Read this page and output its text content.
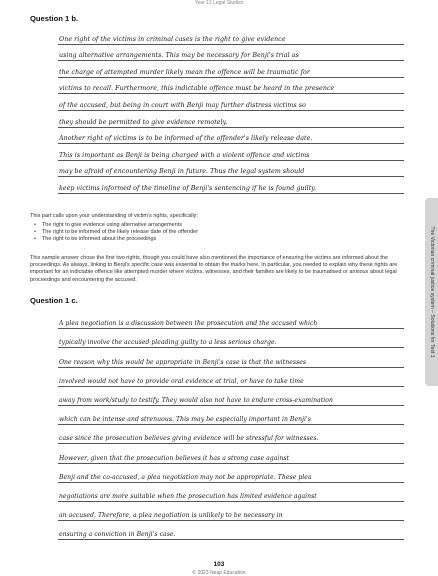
Year 12 Legal Studies
Question 1 b.
One right of the victims in criminal cases is the right to give evidence
using alternative arrangements. This may be necessary for Benji's trial as
the charge of attempted murder likely mean the offence will be traumatic for
victims to recall. Furthermore, this indictable offence must be heard in the presence
of the accused, but being in court with Benji may further distress victims so
they should be permitted to give evidence remotely.
Another right of victims is to be informed of the offender's likely release date.
This is important as Benji is being charged with a violent offence and victims
may be afraid of encountering Benji in future. Thus the legal system should
keep victims informed of the timeline of Benji's sentencing if he is found guilty.

This part calls upon your understanding of victim's rights, specifically:

• The right to give evidence using alternative arrangements
• The right to be informed of the likely release date of the offender
• The right to be informed about the proceedings

This sample answer chose the first two rights, though you could have also mentioned the importance of ensuring the victims are informed about the proceedings. As always, linking to Benji's specific case was essential to obtain the marks here. In particular, you needed to explain why these rights are important for an indictable offence like attempted murder where victims, witnesses, and their families are likely to be traumatised or anxious about legal proceedings and encountering the accused.

Question 1 c.
A plea negotiation is a discussion between the prosecution and the accused which
typically involve the accused pleading guilty to a less serious charge.
One reason why this would be appropriate in Benji's case is that the witnesses
involved would not have to provide oral evidence at trial, or have to take time
away from work/study to testify. They would also not have to endure cross-examination
which can be intense and strenuous. This may be especially important in Benji's
case since the prosecution believes giving evidence will be stressful for witnesses.
However, given that the prosecution believes it has a strong case against
Benji and the co-accused, a plea negotiation may not be appropriate. These plea
negotiations are more suitable when the prosecution has limited evidence against
an accused. Therefore, a plea negotiation is unlikely to be necessary in
ensuring a conviction in Benji's case.
The Victorian criminal justice system – Solutions for Test 1
103
© 2023 Neap Education
